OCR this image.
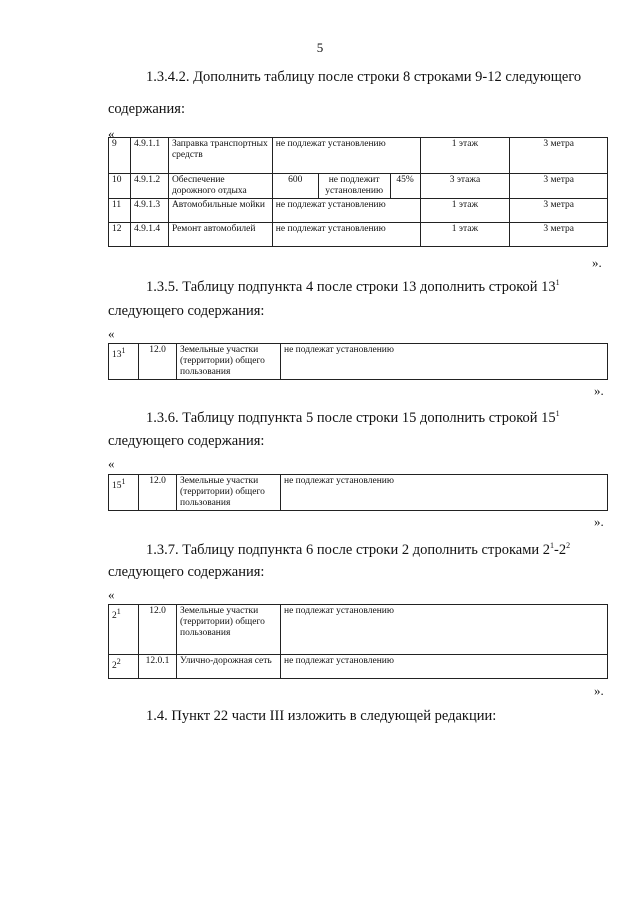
5
1.3.4.2. Дополнить таблицу после строки 8 строками 9-12 следующего
содержания:
«
9	4.9.1.1	Заправка транспортных средств	не подлежат установлению			1 этаж	3 метра
10	4.9.1.2	Обеспечение дорожного отдыха	600	не подлежит установлению	45%	3 этажа	3 метра
11	4.9.1.3	Автомобильные мойки	не подлежат установлению			1 этаж	3 метра
12	4.9.1.4	Ремонт автомобилей	не подлежат установлению			1 этаж	3 метра
».
1.3.5. Таблицу подпункта 4 после строки 13 дополнить строкой $13^1$
следующего содержания:
«
$13^1$	12.0	Земельные участки (территории) общего пользования	не подлежат установлению
».
1.3.6. Таблицу подпункта 5 после строки 15 дополнить строкой $15^1$
следующего содержания:
«
$15^1$	12.0	Земельные участки (территории) общего пользования	не подлежат установлению
».
1.3.7. Таблицу подпункта 6 после строки 2 дополнить строками $2^1-2^2$
следующего содержания:
«
$2^1$	12.0	Земельные участки (территории) общего пользования	не подлежат установлению
$2^2$	12.0.1	Улично-дорожная сеть	не подлежат установлению
».
1.4. Пункт 22 части III изложить в следующей редакции:
